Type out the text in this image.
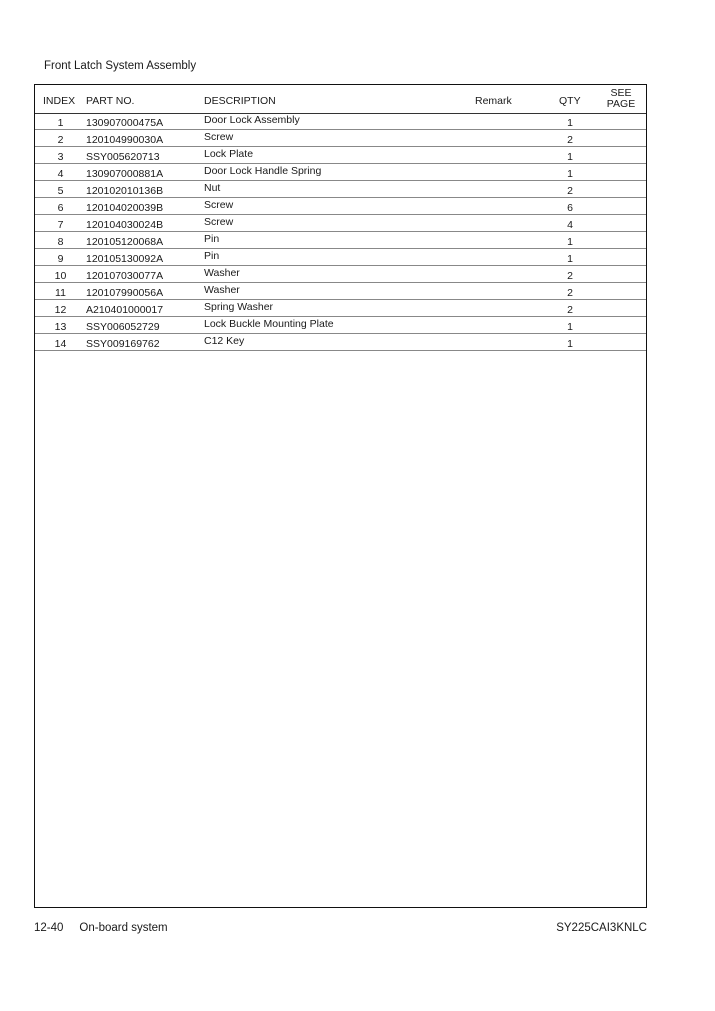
Front Latch System Assembly
INDEX PART NO.	DESCRIPTION	Remark	QTY
SEE
PAGE
1	130907000475A	Door Lock Assembly	1
2	120104990030A	Screw	2
3	SSY005620713	Lock Plate	1
4	130907000881A	Door Lock Handle Spring	1
5	120102010136B	Nut	2
6	120104020039B	Screw	6
7	120104030024B	Screw	4
8	120105120068A	Pin	1
9	120105130092A	Pin	1
10	120107030077A	Washer	2
11	120107990056A	Washer	2
12	A210401000017	Spring Washer	2
13	SSY006052729	Lock Buckle Mounting Plate	1
14	SSY009169762	C12 Key	1
12-40 On-board system	SY225CAI3KNLC
